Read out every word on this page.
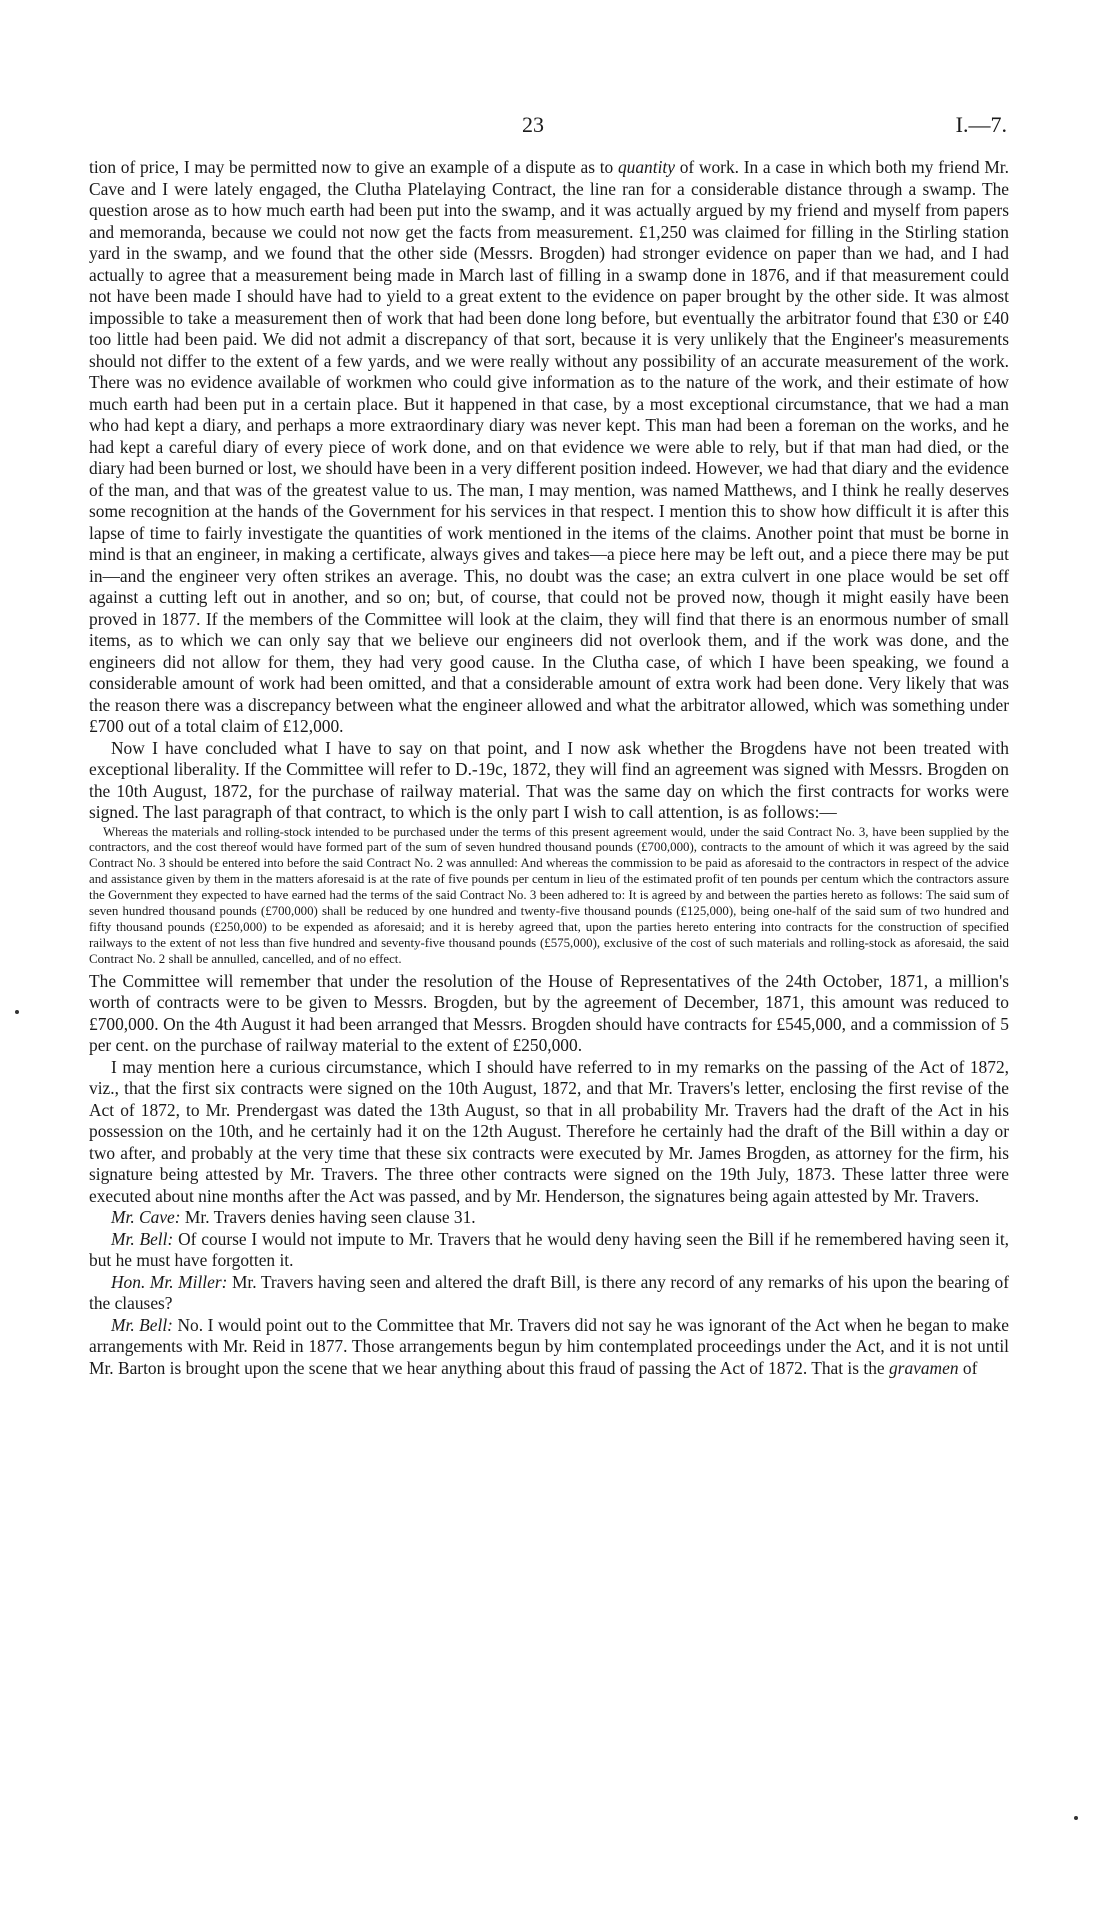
23	I.—7.

tion of price, I may be permitted now to give an example of a dispute as to quantity of work. In a case in which both my friend Mr. Cave and I were lately engaged, the Clutha Platelaying Contract, the line ran for a considerable distance through a swamp. The question arose as to how much earth had been put into the swamp, and it was actually argued by my friend and myself from papers and memoranda, because we could not now get the facts from measurement. £1,250 was claimed for filling in the Stirling station yard in the swamp, and we found that the other side (Messrs. Brogden) had stronger evidence on paper than we had, and I had actually to agree that a measurement being made in March last of filling in a swamp done in 1876, and if that measurement could not have been made I should have had to yield to a great extent to the evidence on paper brought by the other side. It was almost impossible to take a measurement then of work that had been done long before, but eventually the arbitrator found that £30 or £40 too little had been paid. We did not admit a discrepancy of that sort, because it is very unlikely that the Engineer's measurements should not differ to the extent of a few yards, and we were really without any possibility of an accurate measurement of the work. There was no evidence available of workmen who could give information as to the nature of the work, and their estimate of how much earth had been put in a certain place. But it happened in that case, by a most exceptional circumstance, that we had a man who had kept a diary, and perhaps a more extraordinary diary was never kept. This man had been a foreman on the works, and he had kept a careful diary of every piece of work done, and on that evidence we were able to rely, but if that man had died, or the diary had been burned or lost, we should have been in a very different position indeed. However, we had that diary and the evidence of the man, and that was of the greatest value to us. The man, I may mention, was named Matthews, and I think he really deserves some recognition at the hands of the Government for his services in that respect. I mention this to show how difficult it is after this lapse of time to fairly investigate the quantities of work mentioned in the items of the claims. Another point that must be borne in mind is that an engineer, in making a certificate, always gives and takes—a piece here may be left out, and a piece there may be put in—and the engineer very often strikes an average. This, no doubt was the case; an extra culvert in one place would be set off against a cutting left out in another, and so on; but, of course, that could not be proved now, though it might easily have been proved in 1877. If the members of the Committee will look at the claim, they will find that there is an enormous number of small items, as to which we can only say that we believe our engineers did not overlook them, and if the work was done, and the engineers did not allow for them, they had very good cause. In the Clutha case, of which I have been speaking, we found a considerable amount of work had been omitted, and that a considerable amount of extra work had been done. Very likely that was the reason there was a discrepancy between what the engineer allowed and what the arbitrator allowed, which was something under £700 out of a total claim of £12,000.

Now I have concluded what I have to say on that point, and I now ask whether the Brogdens have not been treated with exceptional liberality. If the Committee will refer to D.-19c, 1872, they will find an agreement was signed with Messrs. Brogden on the 10th August, 1872, for the purchase of railway material. That was the same day on which the first contracts for works were signed. The last paragraph of that contract, to which is the only part I wish to call attention, is as follows:—

Whereas the materials and rolling-stock intended to be purchased under the terms of this present agreement would, under the said Contract No. 3, have been supplied by the contractors, and the cost thereof would have formed part of the sum of seven hundred thousand pounds (£700,000), contracts to the amount of which it was agreed by the said Contract No. 3 should be entered into before the said Contract No. 2 was annulled: And whereas the commission to be paid as aforesaid to the contractors in respect of the advice and assistance given by them in the matters aforesaid is at the rate of five pounds per centum in lieu of the estimated profit of ten pounds per centum which the contractors assure the Government they expected to have earned had the terms of the said Contract No. 3 been adhered to: It is agreed by and between the parties hereto as follows: The said sum of seven hundred thousand pounds (£700,000) shall be reduced by one hundred and twenty-five thousand pounds (£125,000), being one-half of the said sum of two hundred and fifty thousand pounds (£250,000) to be expended as aforesaid; and it is hereby agreed that, upon the parties hereto entering into contracts for the construction of specified railways to the extent of not less than five hundred and seventy-five thousand pounds (£575,000), exclusive of the cost of such materials and rolling-stock as aforesaid, the said Contract No. 2 shall be annulled, cancelled, and of no effect.

The Committee will remember that under the resolution of the House of Representatives of the 24th October, 1871, a million's worth of contracts were to be given to Messrs. Brogden, but by the agreement of December, 1871, this amount was reduced to £700,000. On the 4th August it had been arranged that Messrs. Brogden should have contracts for £545,000, and a commission of 5 per cent. on the purchase of railway material to the extent of £250,000.

I may mention here a curious circumstance, which I should have referred to in my remarks on the passing of the Act of 1872, viz., that the first six contracts were signed on the 10th August, 1872, and that Mr. Travers's letter, enclosing the first revise of the Act of 1872, to Mr. Prendergast was dated the 13th August, so that in all probability Mr. Travers had the draft of the Act in his possession on the 10th, and he certainly had it on the 12th August. Therefore he certainly had the draft of the Bill within a day or two after, and probably at the very time that these six contracts were executed by Mr. James Brogden, as attorney for the firm, his signature being attested by Mr. Travers. The three other contracts were signed on the 19th July, 1873. These latter three were executed about nine months after the Act was passed, and by Mr. Henderson, the signatures being again attested by Mr. Travers.

Mr. Cave: Mr. Travers denies having seen clause 31.

Mr. Bell: Of course I would not impute to Mr. Travers that he would deny having seen the Bill if he remembered having seen it, but he must have forgotten it.

Hon. Mr. Miller: Mr. Travers having seen and altered the draft Bill, is there any record of any remarks of his upon the bearing of the clauses?

Mr. Bell: No. I would point out to the Committee that Mr. Travers did not say he was ignorant of the Act when he began to make arrangements with Mr. Reid in 1877. Those arrangements begun by him contemplated proceedings under the Act, and it is not until Mr. Barton is brought upon the scene that we hear anything about this fraud of passing the Act of 1872. That is the gravamen of
